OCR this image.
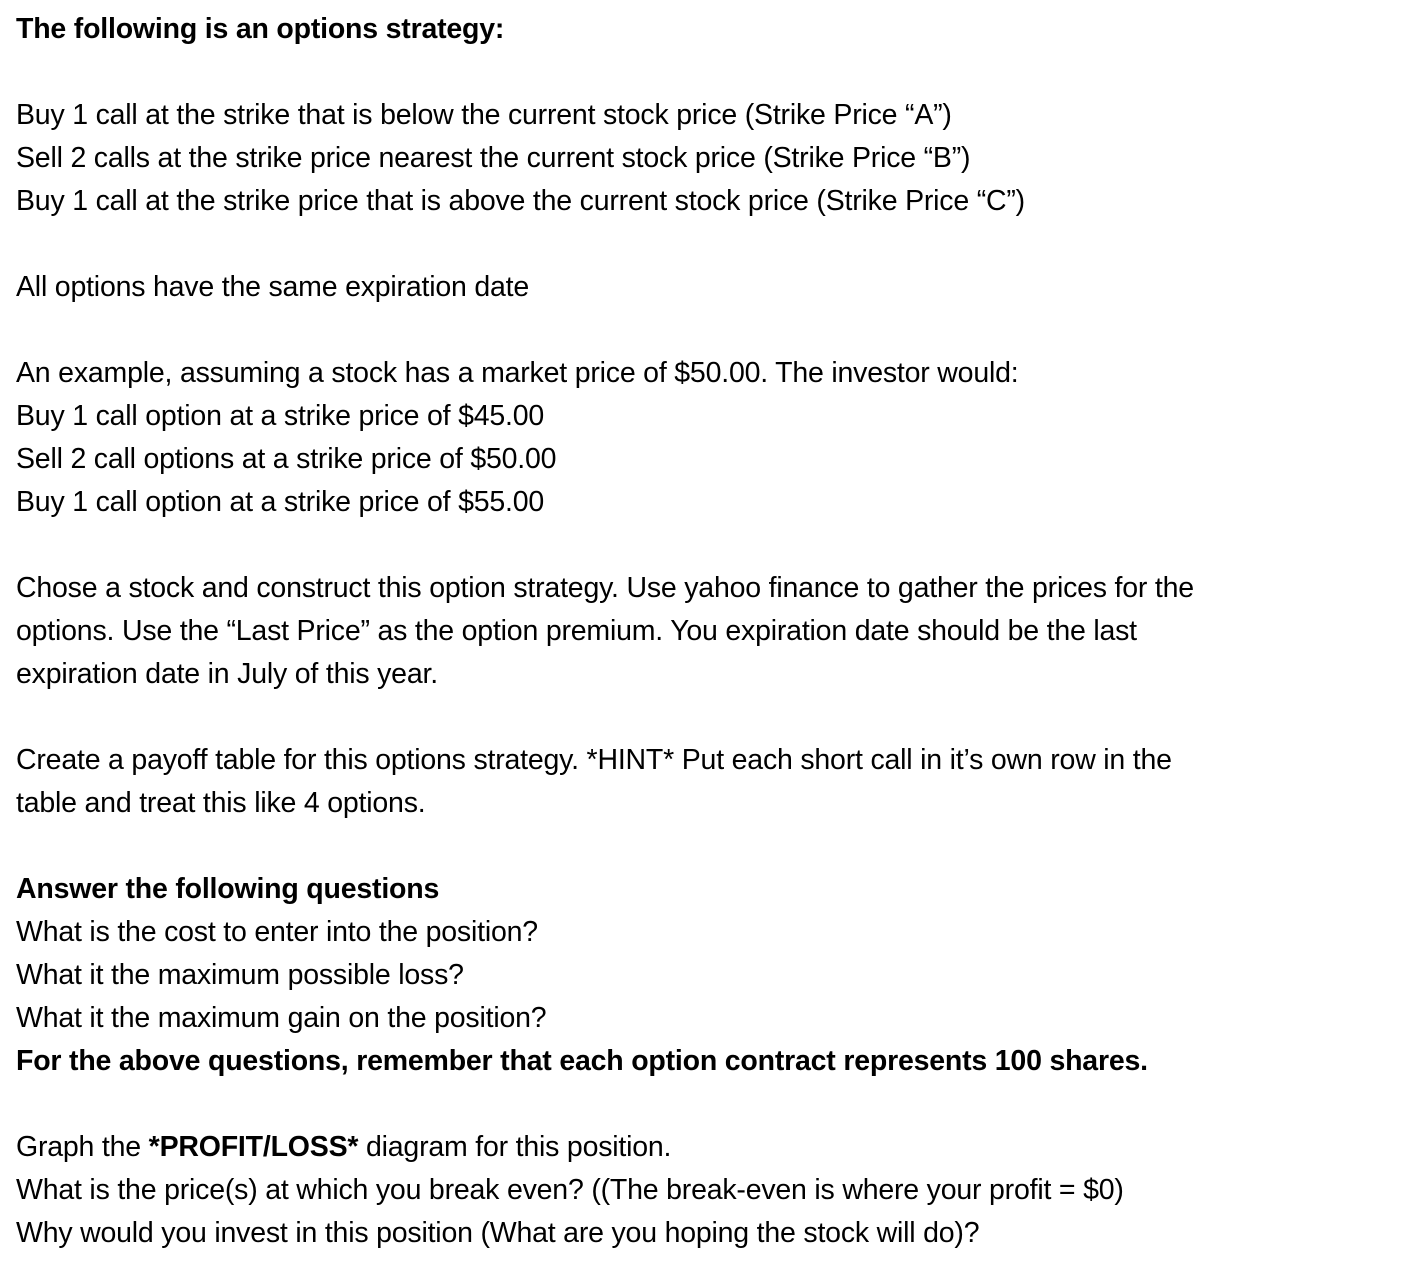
The following is an options strategy:
Buy 1 call at the strike that is below the current stock price (Strike Price “A”)
Sell 2 calls at the strike price nearest the current stock price (Strike Price “B”)
Buy 1 call at the strike price that is above the current stock price (Strike Price “C”)
All options have the same expiration date
An example, assuming a stock has a market price of $50.00. The investor would:
Buy 1 call option at a strike price of $45.00
Sell 2 call options at a strike price of $50.00
Buy 1 call option at a strike price of $55.00
Chose a stock and construct this option strategy. Use yahoo finance to gather the prices for the
options. Use the “Last Price” as the option premium. You expiration date should be the last
expiration date in July of this year.
Create a payoff table for this options strategy. *HINT* Put each short call in it’s own row in the
table and treat this like 4 options.
Answer the following questions
What is the cost to enter into the position?
What it the maximum possible loss?
What it the maximum gain on the position?
For the above questions, remember that each option contract represents 100 shares.
Graph the *PROFIT/LOSS* diagram for this position.
What is the price(s) at which you break even? ((The break-even is where your profit = $0)
Why would you invest in this position (What are you hoping the stock will do)?
